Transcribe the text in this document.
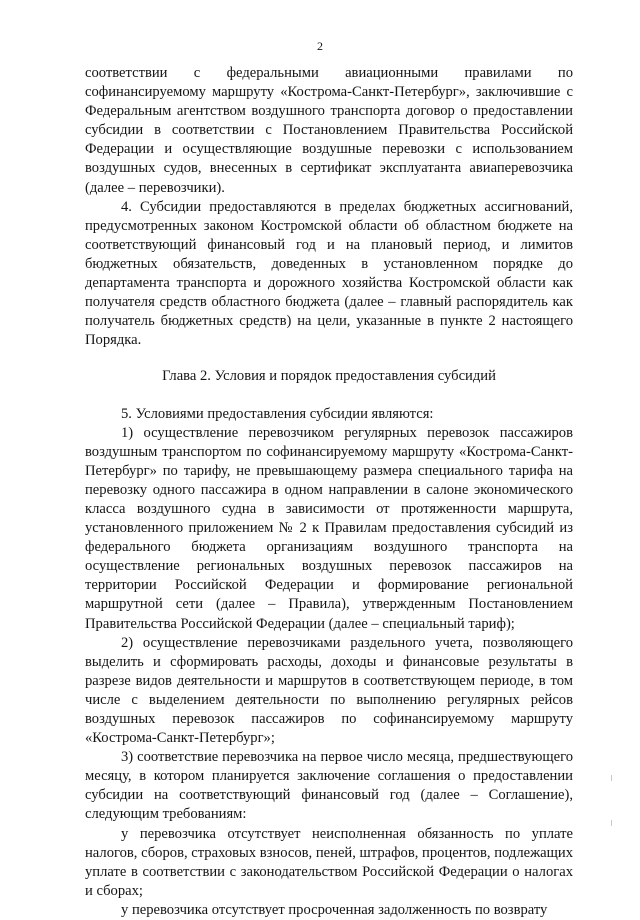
2

соответствии с федеральными авиационными правилами по софинансируемому маршруту «Кострома-Санкт-Петербург», заключившие с Федеральным агентством воздушного транспорта договор о предоставлении субсидии в соответствии с Постановлением Правительства Российской Федерации и осуществляющие воздушные перевозки с использованием воздушных судов, внесенных в сертификат эксплуатанта авиаперевозчика (далее – перевозчики).

4. Субсидии предоставляются в пределах бюджетных ассигнований, предусмотренных законом Костромской области об областном бюджете на соответствующий финансовый год и на плановый период, и лимитов бюджетных обязательств, доведенных в установленном порядке до департамента транспорта и дорожного хозяйства Костромской области как получателя средств областного бюджета (далее – главный распорядитель как получатель бюджетных средств) на цели, указанные в пункте 2 настоящего Порядка.

Глава 2. Условия и порядок предоставления субсидий

5. Условиями предоставления субсидии являются:

1) осуществление перевозчиком регулярных перевозок пассажиров воздушным транспортом по софинансируемому маршруту «Кострома-Санкт-Петербург» по тарифу, не превышающему размера специального тарифа на перевозку одного пассажира в одном направлении в салоне экономического класса воздушного судна в зависимости от протяженности маршрута, установленного приложением № 2 к Правилам предоставления субсидий из федерального бюджета организациям воздушного транспорта на осуществление региональных воздушных перевозок пассажиров на территории Российской Федерации и формирование региональной маршрутной сети (далее – Правила), утвержденным Постановлением Правительства Российской Федерации (далее – специальный тариф);

2) осуществление перевозчиками раздельного учета, позволяющего выделить и сформировать расходы, доходы и финансовые результаты в разрезе видов деятельности и маршрутов в соответствующем периоде, в том числе с выделением деятельности по выполнению регулярных рейсов воздушных перевозок пассажиров по софинансируемому маршруту «Кострома-Санкт-Петербург»;

3) соответствие перевозчика на первое число месяца, предшествующего месяцу, в котором планируется заключение соглашения о предоставлении субсидии на соответствующий финансовый год (далее – Соглашение), следующим требованиям:

у перевозчика отсутствует неисполненная обязанность по уплате налогов, сборов, страховых взносов, пеней, штрафов, процентов, подлежащих уплате в соответствии с законодательством Российской Федерации о налогах и сборах;

у перевозчика отсутствует просроченная задолженность по возврату
